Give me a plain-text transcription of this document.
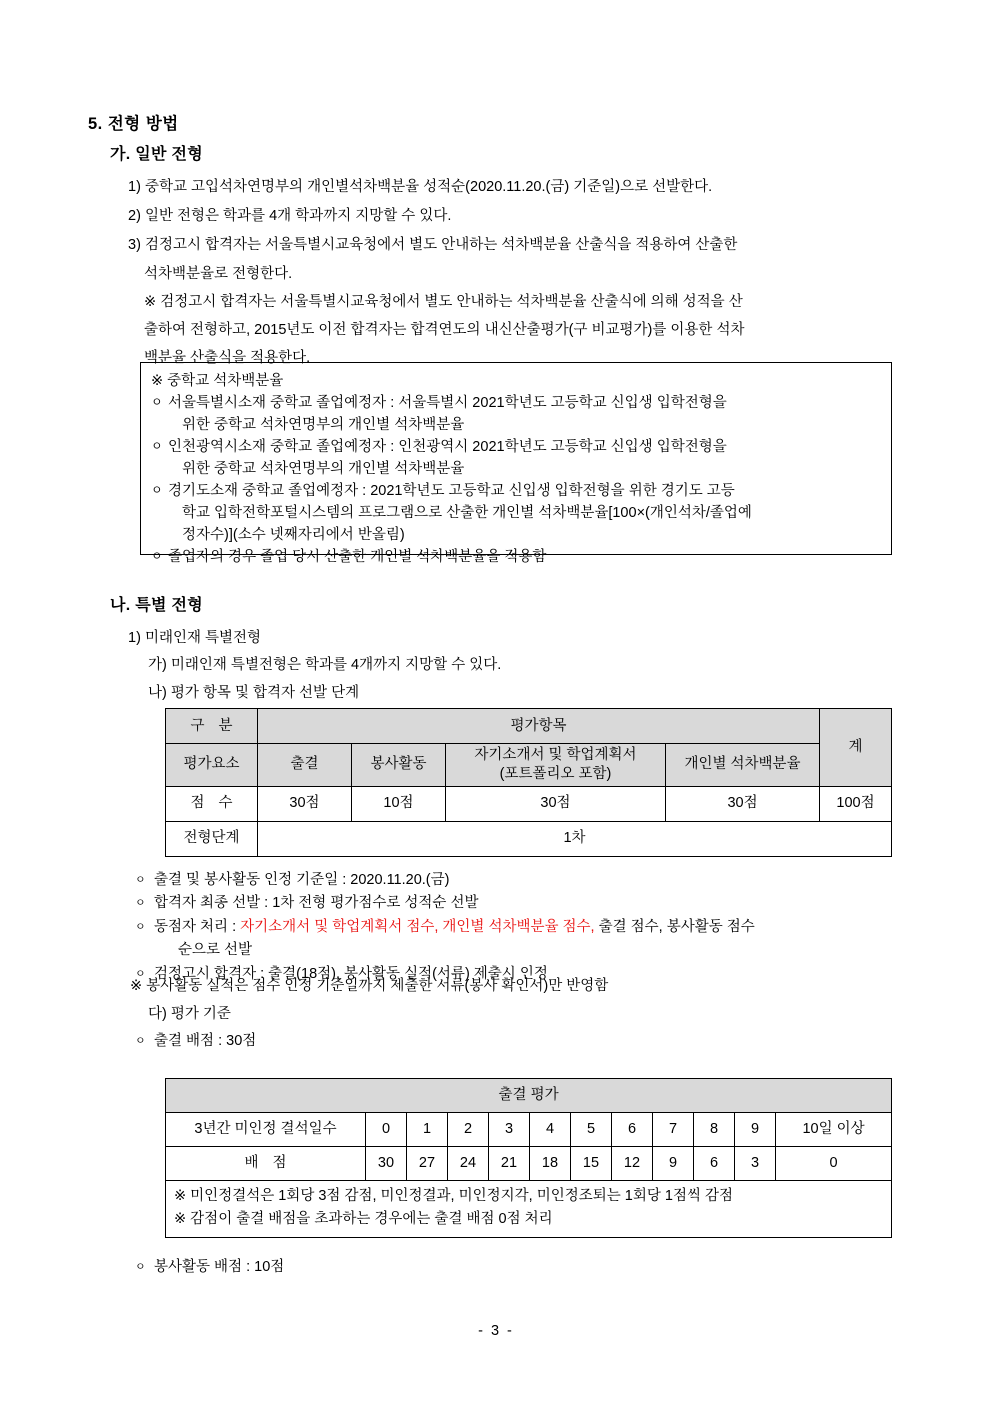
5. 전형 방법
가. 일반 전형
1) 중학교 고입석차연명부의 개인별석차백분율 성적순(2020.11.20.(금) 기준일)으로 선발한다.
2) 일반 전형은 학과를 4개 학과까지 지망할 수 있다.
3) 검정고시 합격자는 서울특별시교육청에서 별도 안내하는 석차백분율 산출식을 적용하여 산출한
석차백분율로 전형한다.
※ 검정고시 합격자는 서울특별시교육청에서 별도 안내하는 석차백분율 산출식에 의해 성적을 산
출하여 전형하고, 2015년도 이전 합격자는 합격연도의 내신산출평가(구 비교평가)를 이용한 석차
백분율 산출식을 적용한다.
※ 중학교 석차백분율
ㅇ 서울특별시소재 중학교 졸업예정자 : 서울특별시 2021학년도 고등학교 신입생 입학전형을
위한 중학교 석차연명부의 개인별 석차백분율
ㅇ 인천광역시소재 중학교 졸업예정자 : 인천광역시 2021학년도 고등학교 신입생 입학전형을
위한 중학교 석차연명부의 개인별 석차백분율
ㅇ 경기도소재 중학교 졸업예정자 : 2021학년도 고등학교 신입생 입학전형을 위한 경기도 고등
학교 입학전학포털시스템의 프로그램으로 산출한 개인별 석차백분율[100×(개인석차/졸업예
정자수)](소수 넷째자리에서 반올림)
ㅇ 졸업자의 경우 졸업 당시 산출한 개인별 석차백분율을 적용함
나. 특별 전형
1) 미래인재 특별전형
가) 미래인재 특별전형은 학과를 4개까지 지망할 수 있다.
나) 평가 항목 및 합격자 선발 단계
구 분	평가항목				계
평가요소	출결	봉사활동	자기소개서 및 학업계획서
(포트폴리오 포함)	개인별 석차백분율	
점 수	30점	10점	30점	30점	100점
전형단계	1차				
ㅇ 출결 및 봉사활동 인정 기준일 : 2020.11.20.(금)
ㅇ 합격자 최종 선발 : 1차 전형 평가점수로 성적순 선발
ㅇ 동점자 처리 : 자기소개서 및 학업계획서 점수, 개인별 석차백분율 점수, 출결 점수, 봉사활동 점수
순으로 선발
ㅇ 검정고시 합격자 : 출결(18점), 봉사활동 실적(서류) 제출시 인정
※ 봉사활동 실적은 점수 인정 기준일까지 제출한 서류(봉사 확인서)만 반영함
다) 평가 기준
ㅇ 출결 배점 : 30점
출결 평가											
3년간 미인정 결석일수	0	1	2	3	4	5	6	7	8	9	10일 이상
배 점	30	27	24	21	18	15	12	9	6	3	0

※ 미인정결석은 1회당 3점 감점, 미인정결과, 미인정지각, 미인정조퇴는 1회당 1점씩 감점
※ 감점이 출결 배점을 초과하는 경우에는 출결 배점 0점 처리											
ㅇ 봉사활동 배점 : 10점
- 3 -
